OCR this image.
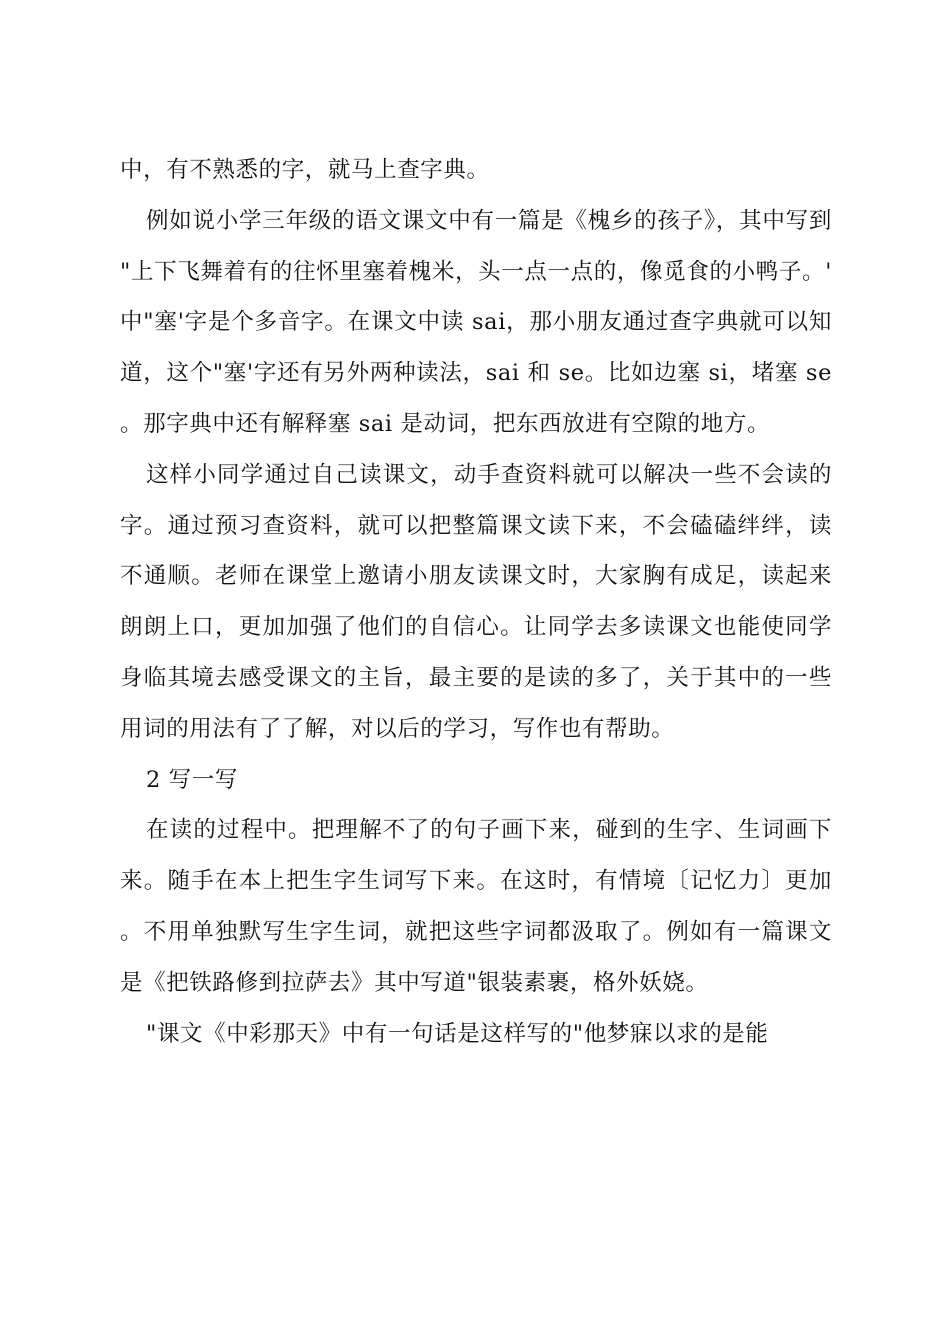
中，有不熟悉的字，就马上查字典。

例如说小学三年级的语文课文中有一篇是《槐乡的孩子》，其中写到"上下飞舞着有的往怀里塞着槐米，头一点一点的，像觅食的小鸭子。'中"塞'字是个多音字。在课文中读 sai，那小朋友通过查字典就可以知道，这个"塞'字还有另外两种读法，sai 和 se。比如边塞 si，堵塞 se。那字典中还有解释塞 sai 是动词，把东西放进有空隙的地方。

这样小同学通过自己读课文，动手查资料就可以解决一些不会读的字。通过预习查资料，就可以把整篇课文读下来，不会磕磕绊绊，读不通顺。老师在课堂上邀请小朋友读课文时，大家胸有成足，读起来朗朗上口，更加加强了他们的自信心。让同学去多读课文也能使同学身临其境去感受课文的主旨，最主要的是读的多了，关于其中的一些用词的用法有了了解，对以后的学习，写作也有帮助。

2 写一写

在读的过程中。把理解不了的句子画下来，碰到的生字、生词画下来。随手在本上把生字生词写下来。在这时，有情境〔记忆力〕更加。不用单独默写生字生词，就把这些字词都汲取了。例如有一篇课文是《把铁路修到拉萨去》其中写道"银装素裹，格外妖娆。

"课文《中彩那天》中有一句话是这样写的"他梦寐以求的是能
